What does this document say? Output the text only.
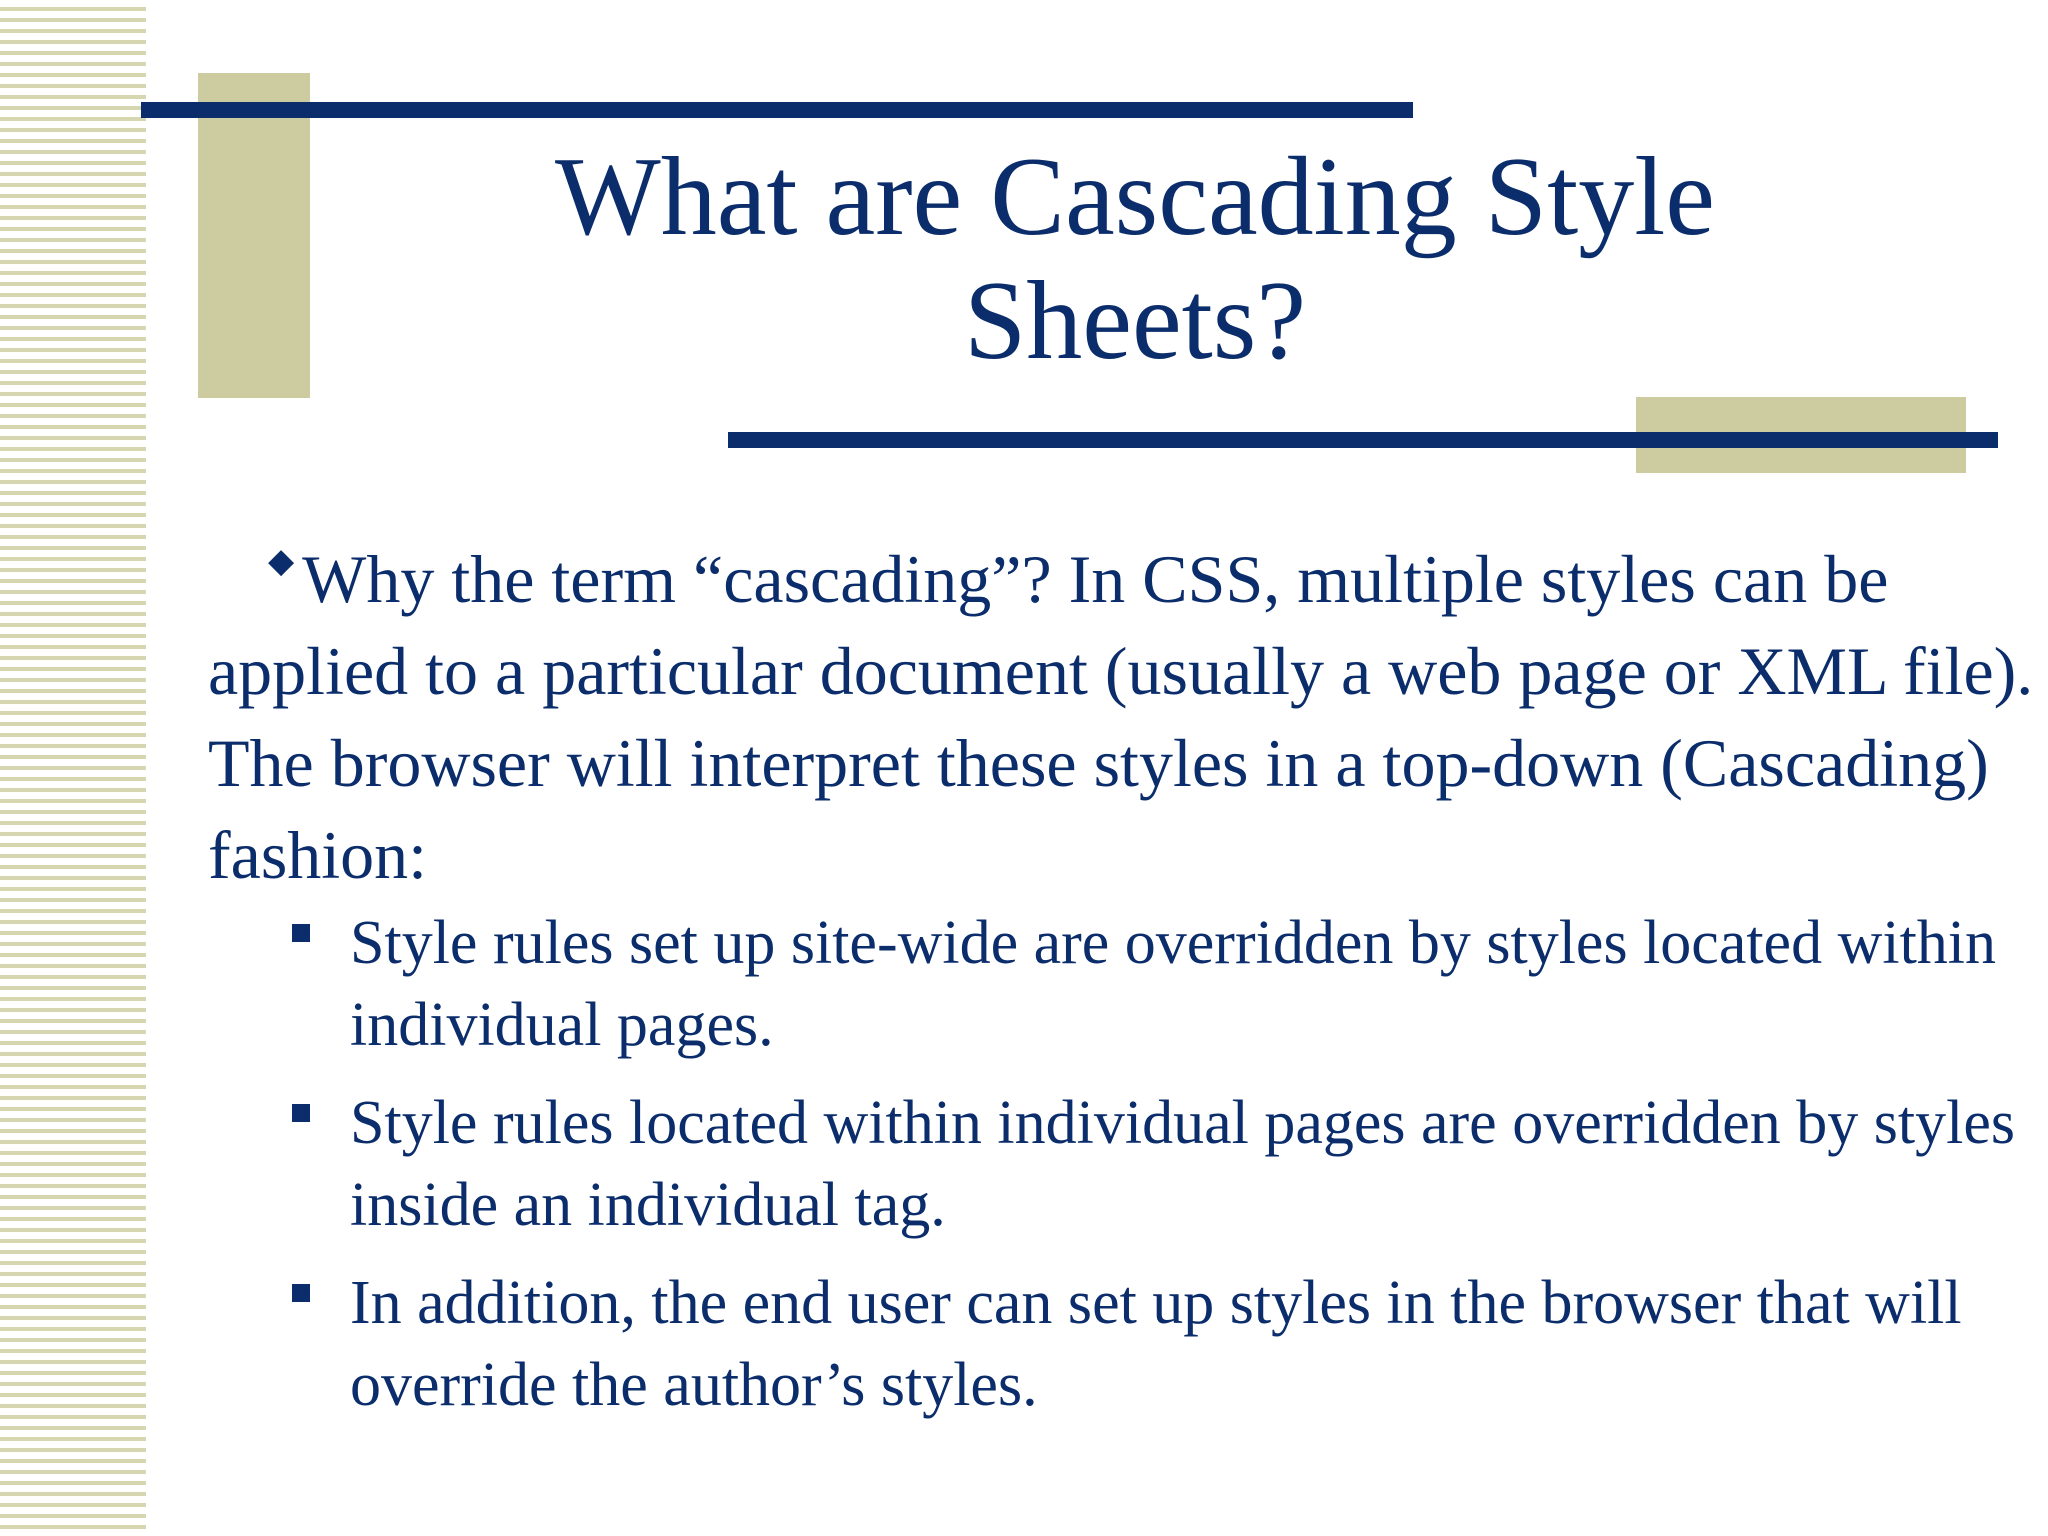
What are Cascading Style
Sheets?

◆ Why the term “cascading”? In CSS, multiple styles can be applied to a particular document (usually a web page or XML file). The browser will interpret these styles in a top-down (Cascading) fashion:

Style rules set up site-wide are overridden by styles located within individual pages.
Style rules located within individual pages are overridden by styles inside an individual tag.
In addition, the end user can set up styles in the browser that will override the author’s styles.
